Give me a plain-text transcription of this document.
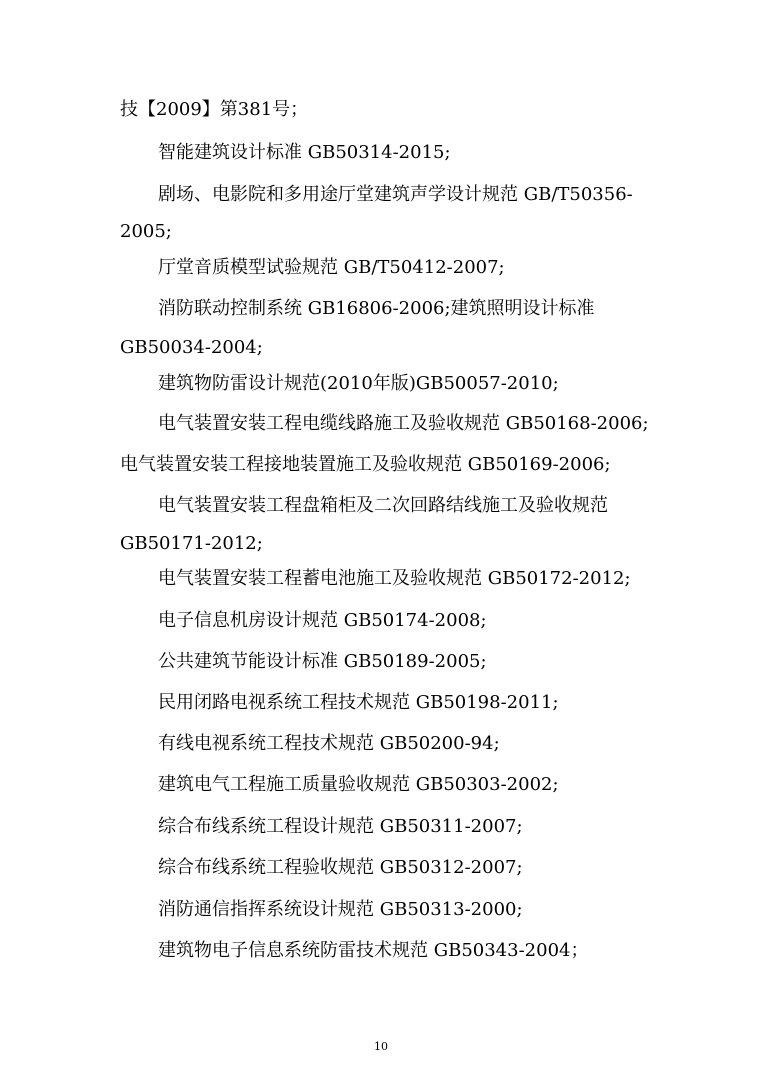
技【2009】第381号；
智能建筑设计标准 GB50314-2015;
剧场、电影院和多用途厅堂建筑声学设计规范 GB/T50356-
2005;
厅堂音质模型试验规范 GB/T50412-2007;
消防联动控制系统 GB16806-2006;建筑照明设计标准
GB50034-2004;
建筑物防雷设计规范(2010年版)GB50057-2010;
电气装置安装工程电缆线路施工及验收规范 GB50168-2006;
电气装置安装工程接地装置施工及验收规范 GB50169-2006;
电气装置安装工程盘箱柜及二次回路结线施工及验收规范
GB50171-2012;
电气装置安装工程蓄电池施工及验收规范 GB50172-2012;
电子信息机房设计规范 GB50174-2008;
公共建筑节能设计标准 GB50189-2005;
民用闭路电视系统工程技术规范 GB50198-2011;
有线电视系统工程技术规范 GB50200-94;
建筑电气工程施工质量验收规范 GB50303-2002;
综合布线系统工程设计规范 GB50311-2007;
综合布线系统工程验收规范 GB50312-2007;
消防通信指挥系统设计规范 GB50313-2000;
建筑物电子信息系统防雷技术规范 GB50343-2004；
10
